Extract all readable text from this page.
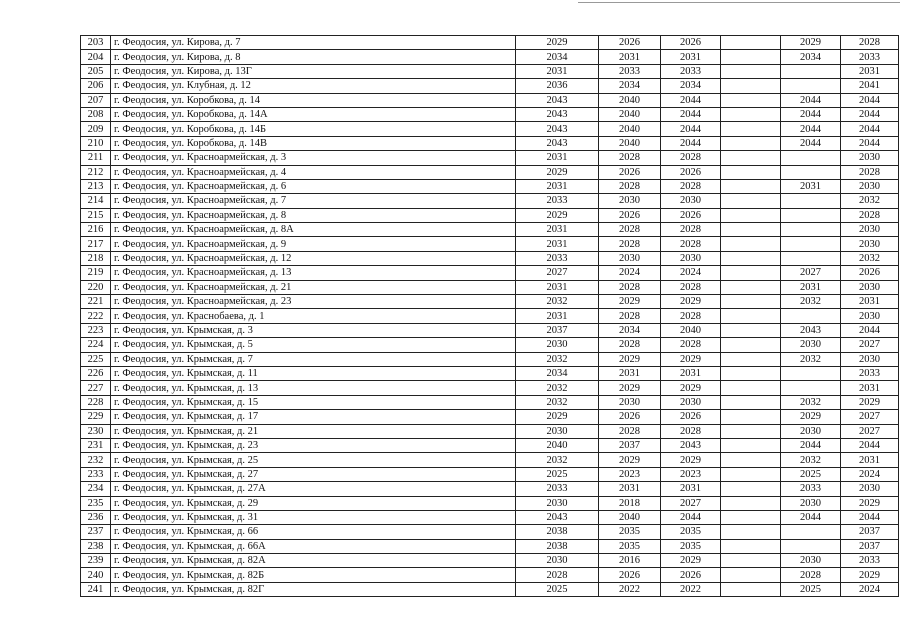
203	г. Феодосия, ул. Кирова, д. 7	2029	2026	2026		2029	2028
204	г. Феодосия, ул. Кирова, д. 8	2034	2031	2031		2034	2033
205	г. Феодосия, ул. Кирова, д. 13Г	2031	2033	2033			2031
206	г. Феодосия, ул. Клубная, д. 12	2036	2034	2034			2041
207	г. Феодосия, ул. Коробкова, д. 14	2043	2040	2044		2044	2044
208	г. Феодосия, ул. Коробкова, д. 14А	2043	2040	2044		2044	2044
209	г. Феодосия, ул. Коробкова, д. 14Б	2043	2040	2044		2044	2044
210	г. Феодосия, ул. Коробкова, д. 14В	2043	2040	2044		2044	2044
211	г. Феодосия, ул. Красноармейская, д. 3	2031	2028	2028			2030
212	г. Феодосия, ул. Красноармейская, д. 4	2029	2026	2026			2028
213	г. Феодосия, ул. Красноармейская, д. 6	2031	2028	2028		2031	2030
214	г. Феодосия, ул. Красноармейская, д. 7	2033	2030	2030			2032
215	г. Феодосия, ул. Красноармейская, д. 8	2029	2026	2026			2028
216	г. Феодосия, ул. Красноармейская, д. 8А	2031	2028	2028			2030
217	г. Феодосия, ул. Красноармейская, д. 9	2031	2028	2028			2030
218	г. Феодосия, ул. Красноармейская, д. 12	2033	2030	2030			2032
219	г. Феодосия, ул. Красноармейская, д. 13	2027	2024	2024		2027	2026
220	г. Феодосия, ул. Красноармейская, д. 21	2031	2028	2028		2031	2030
221	г. Феодосия, ул. Красноармейская, д. 23	2032	2029	2029		2032	2031
222	г. Феодосия, ул. Краснобаева, д. 1	2031	2028	2028			2030
223	г. Феодосия, ул. Крымская, д. 3	2037	2034	2040		2043	2044
224	г. Феодосия, ул. Крымская, д. 5	2030	2028	2028		2030	2027
225	г. Феодосия, ул. Крымская, д. 7	2032	2029	2029		2032	2030
226	г. Феодосия, ул. Крымская, д. 11	2034	2031	2031			2033
227	г. Феодосия, ул. Крымская, д. 13	2032	2029	2029			2031
228	г. Феодосия, ул. Крымская, д. 15	2032	2030	2030		2032	2029
229	г. Феодосия, ул. Крымская, д. 17	2029	2026	2026		2029	2027
230	г. Феодосия, ул. Крымская, д. 21	2030	2028	2028		2030	2027
231	г. Феодосия, ул. Крымская, д. 23	2040	2037	2043		2044	2044
232	г. Феодосия, ул. Крымская, д. 25	2032	2029	2029		2032	2031
233	г. Феодосия, ул. Крымская, д. 27	2025	2023	2023		2025	2024
234	г. Феодосия, ул. Крымская, д. 27А	2033	2031	2031		2033	2030
235	г. Феодосия, ул. Крымская, д. 29	2030	2018	2027		2030	2029
236	г. Феодосия, ул. Крымская, д. 31	2043	2040	2044		2044	2044
237	г. Феодосия, ул. Крымская, д. 66	2038	2035	2035			2037
238	г. Феодосия, ул. Крымская, д. 66А	2038	2035	2035			2037
239	г. Феодосия, ул. Крымская, д. 82А	2030	2016	2029		2030	2033
240	г. Феодосия, ул. Крымская, д. 82Б	2028	2026	2026		2028	2029
241	г. Феодосия, ул. Крымская, д. 82Г	2025	2022	2022		2025	2024
